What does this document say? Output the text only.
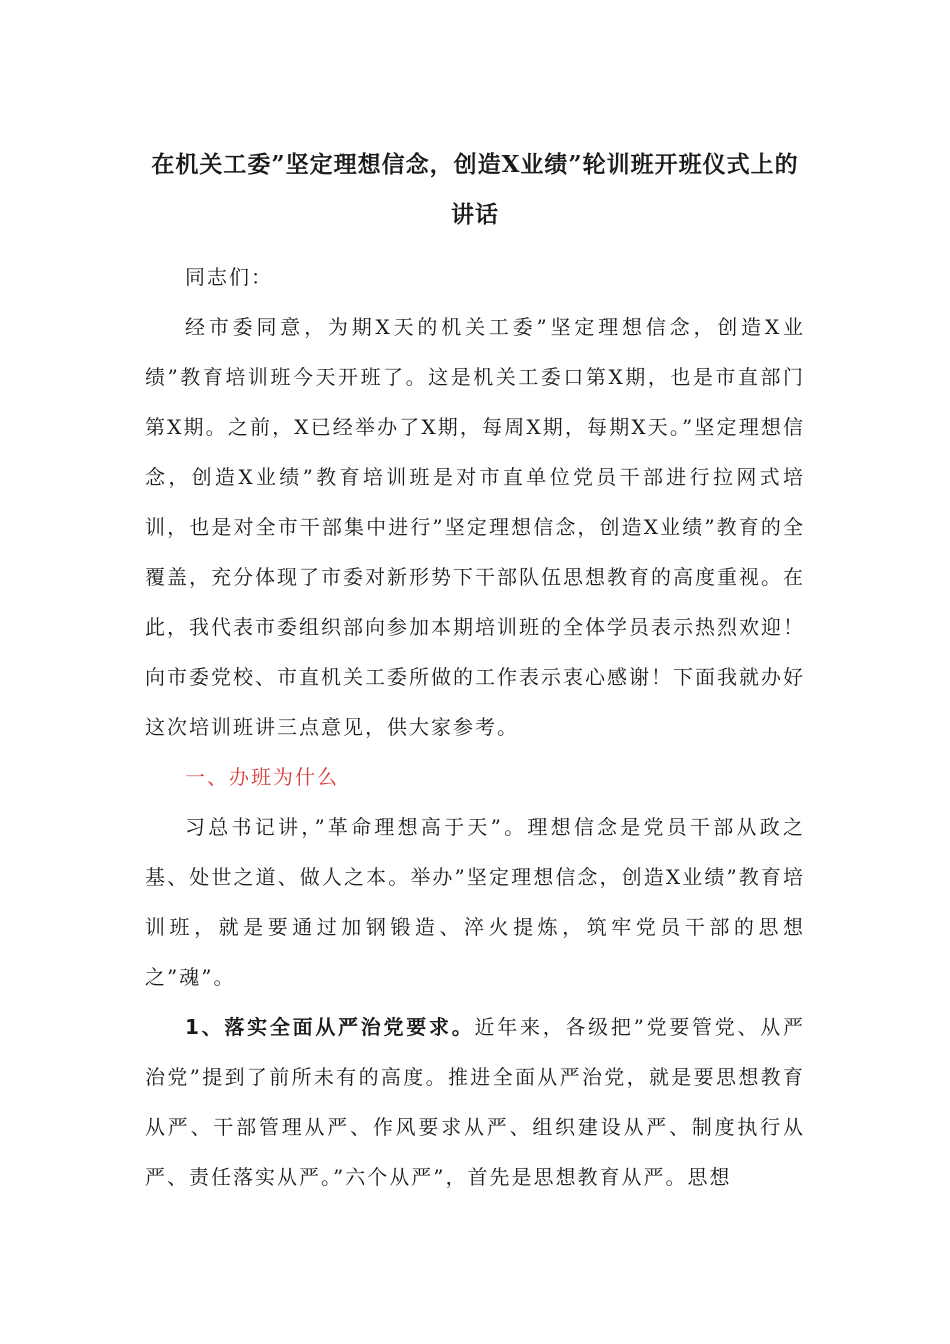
在机关工委”坚定理想信念，创造X业绩”轮训班开班仪式上的讲话

同志们：

经市委同意，为期X天的机关工委”坚定理想信念，创造X业绩”教育培训班今天开班了。这是机关工委口第X期，也是市直部门第X期。之前，X已经举办了X期，每周X期，每期X天。”坚定理想信念，创造X业绩”教育培训班是对市直单位党员干部进行拉网式培训，也是对全市干部集中进行”坚定理想信念，创造X业绩”教育的全覆盖，充分体现了市委对新形势下干部队伍思想教育的高度重视。在此，我代表市委组织部向参加本期培训班的全体学员表示热烈欢迎！向市委党校、市直机关工委所做的工作表示衷心感谢！下面我就办好这次培训班讲三点意见，供大家参考。

一、办班为什么

习总书记讲，”革命理想高于天”。理想信念是党员干部从政之基、处世之道、做人之本。举办”坚定理想信念，创造X业绩”教育培训班，就是要通过加钢锻造、淬火提炼，筑牢党员干部的思想之”魂”。

1、落实全面从严治党要求。近年来，各级把”党要管党、从严治党”提到了前所未有的高度。推进全面从严治党，就是要思想教育从严、干部管理从严、作风要求从严、组织建设从严、制度执行从严、责任落实从严。”六个从严”，首先是思想教育从严。思想
